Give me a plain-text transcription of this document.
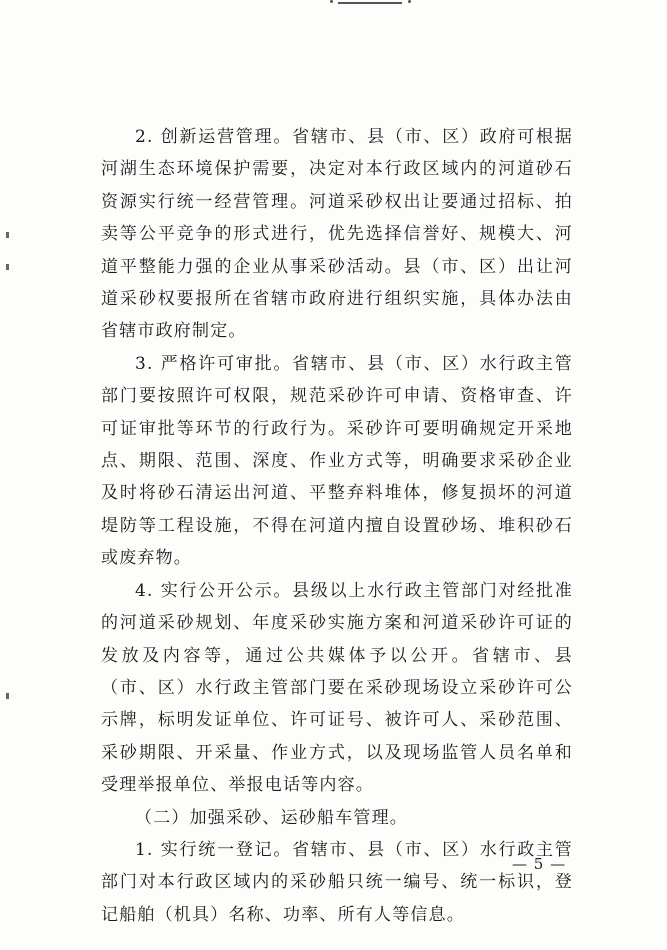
2. 创新运营管理。省辖市、县（市、区）政府可根据河湖生态环境保护需要，决定对本行政区域内的河道砂石资源实行统一经营管理。河道采砂权出让要通过招标、拍卖等公平竞争的形式进行，优先选择信誉好、规模大、河道平整能力强的企业从事采砂活动。县（市、区）出让河道采砂权要报所在省辖市政府进行组织实施，具体办法由省辖市政府制定。

3. 严格许可审批。省辖市、县（市、区）水行政主管部门要按照许可权限，规范采砂许可申请、资格审查、许可证审批等环节的行政行为。采砂许可要明确规定开采地点、期限、范围、深度、作业方式等，明确要求采砂企业及时将砂石清运出河道、平整弃料堆体，修复损坏的河道堤防等工程设施，不得在河道内擅自设置砂场、堆积砂石或废弃物。

4. 实行公开公示。县级以上水行政主管部门对经批准的河道采砂规划、年度采砂实施方案和河道采砂许可证的发放及内容等，通过公共媒体予以公开。省辖市、县（市、区）水行政主管部门要在采砂现场设立采砂许可公示牌，标明发证单位、许可证号、被许可人、采砂范围、采砂期限、开采量、作业方式，以及现场监管人员名单和受理举报单位、举报电话等内容。

（二）加强采砂、运砂船车管理。

1. 实行统一登记。省辖市、县（市、区）水行政主管部门对本行政区域内的采砂船只统一编号、统一标识，登记船舶（机具）名称、功率、所有人等信息。

— 5 —
